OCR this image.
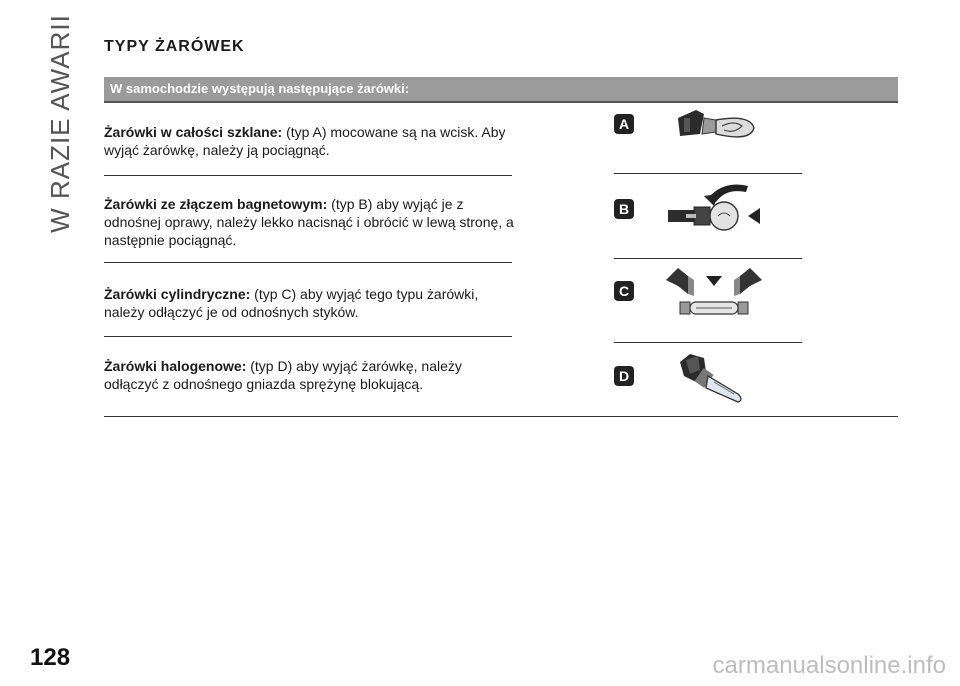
W RAZIE AWARII TYPY ŻARÓWEK
W samochodzie występują następujące żarówki:
Żarówki w całości szklane: (typ A) mocowane są na wcisk. Aby wyjąć żarówkę, należy ją pociągnąć.
Żarówki ze złączem bagnetowym: (typ B) aby wyjąć je z odnośnej oprawy, należy lekko nacisnąć i obrócić w lewą stronę, a następnie pociągnąć.
Żarówki cylindryczne: (typ C) aby wyjąć tego typu żarówki, należy odłączyć je od odnośnych styków.
Żarówki halogenowe: (typ D) aby wyjąć żarówkę, należy odłączyć z odnośnego gniazda sprężynę blokującą.
A
B
C
D
128	carmanualsonline.info
